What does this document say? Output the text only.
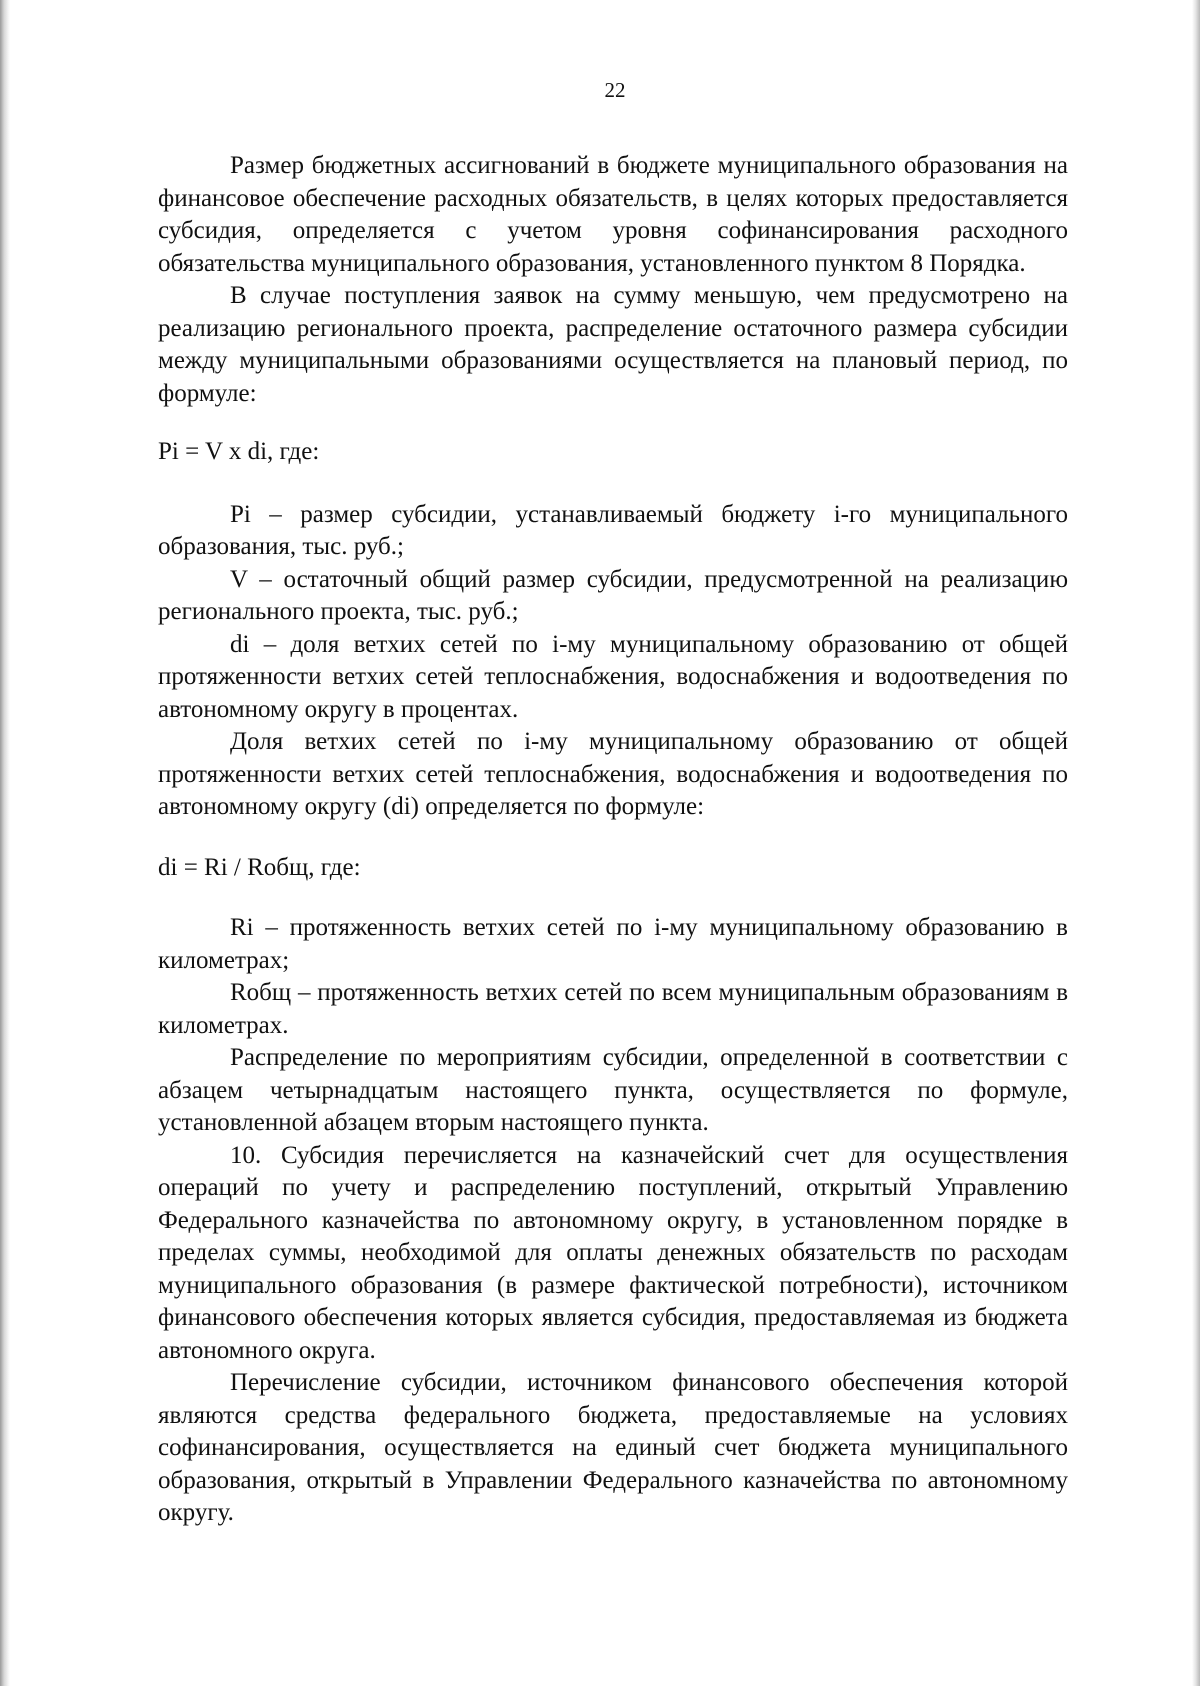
22

Размер бюджетных ассигнований в бюджете муниципального образования на финансовое обеспечение расходных обязательств, в целях которых предоставляется субсидия, определяется с учетом уровня софинансирования расходного обязательства муниципального образования, установленного пунктом 8 Порядка.

В случае поступления заявок на сумму меньшую, чем предусмотрено на реализацию регионального проекта, распределение остаточного размера субсидии между муниципальными образованиями осуществляется на плановый период, по формуле:

Pi = V x di, где:

Pi – размер субсидии, устанавливаемый бюджету i-го муниципального образования, тыс. руб.;

V – остаточный общий размер субсидии, предусмотренной на реализацию регионального проекта, тыс. руб.;

di – доля ветхих сетей по i-му муниципальному образованию от общей протяженности ветхих сетей теплоснабжения, водоснабжения и водоотведения по автономному округу в процентах.

Доля ветхих сетей по i-му муниципальному образованию от общей протяженности ветхих сетей теплоснабжения, водоснабжения и водоотведения по автономному округу (di) определяется по формуле:

di = Ri / Rобщ, где:

Ri – протяженность ветхих сетей по i-му муниципальному образованию в километрах;

Rобщ – протяженность ветхих сетей по всем муниципальным образованиям в километрах.

Распределение по мероприятиям субсидии, определенной в соответствии с абзацем четырнадцатым настоящего пункта, осуществляется по формуле, установленной абзацем вторым настоящего пункта.

10. Субсидия перечисляется на казначейский счет для осуществления операций по учету и распределению поступлений, открытый Управлению Федерального казначейства по автономному округу, в установленном порядке в пределах суммы, необходимой для оплаты денежных обязательств по расходам муниципального образования (в размере фактической потребности), источником финансового обеспечения которых является субсидия, предоставляемая из бюджета автономного округа.

Перечисление субсидии, источником финансового обеспечения которой являются средства федерального бюджета, предоставляемые на условиях софинансирования, осуществляется на единый счет бюджета муниципального образования, открытый в Управлении Федерального казначейства по автономному округу.
